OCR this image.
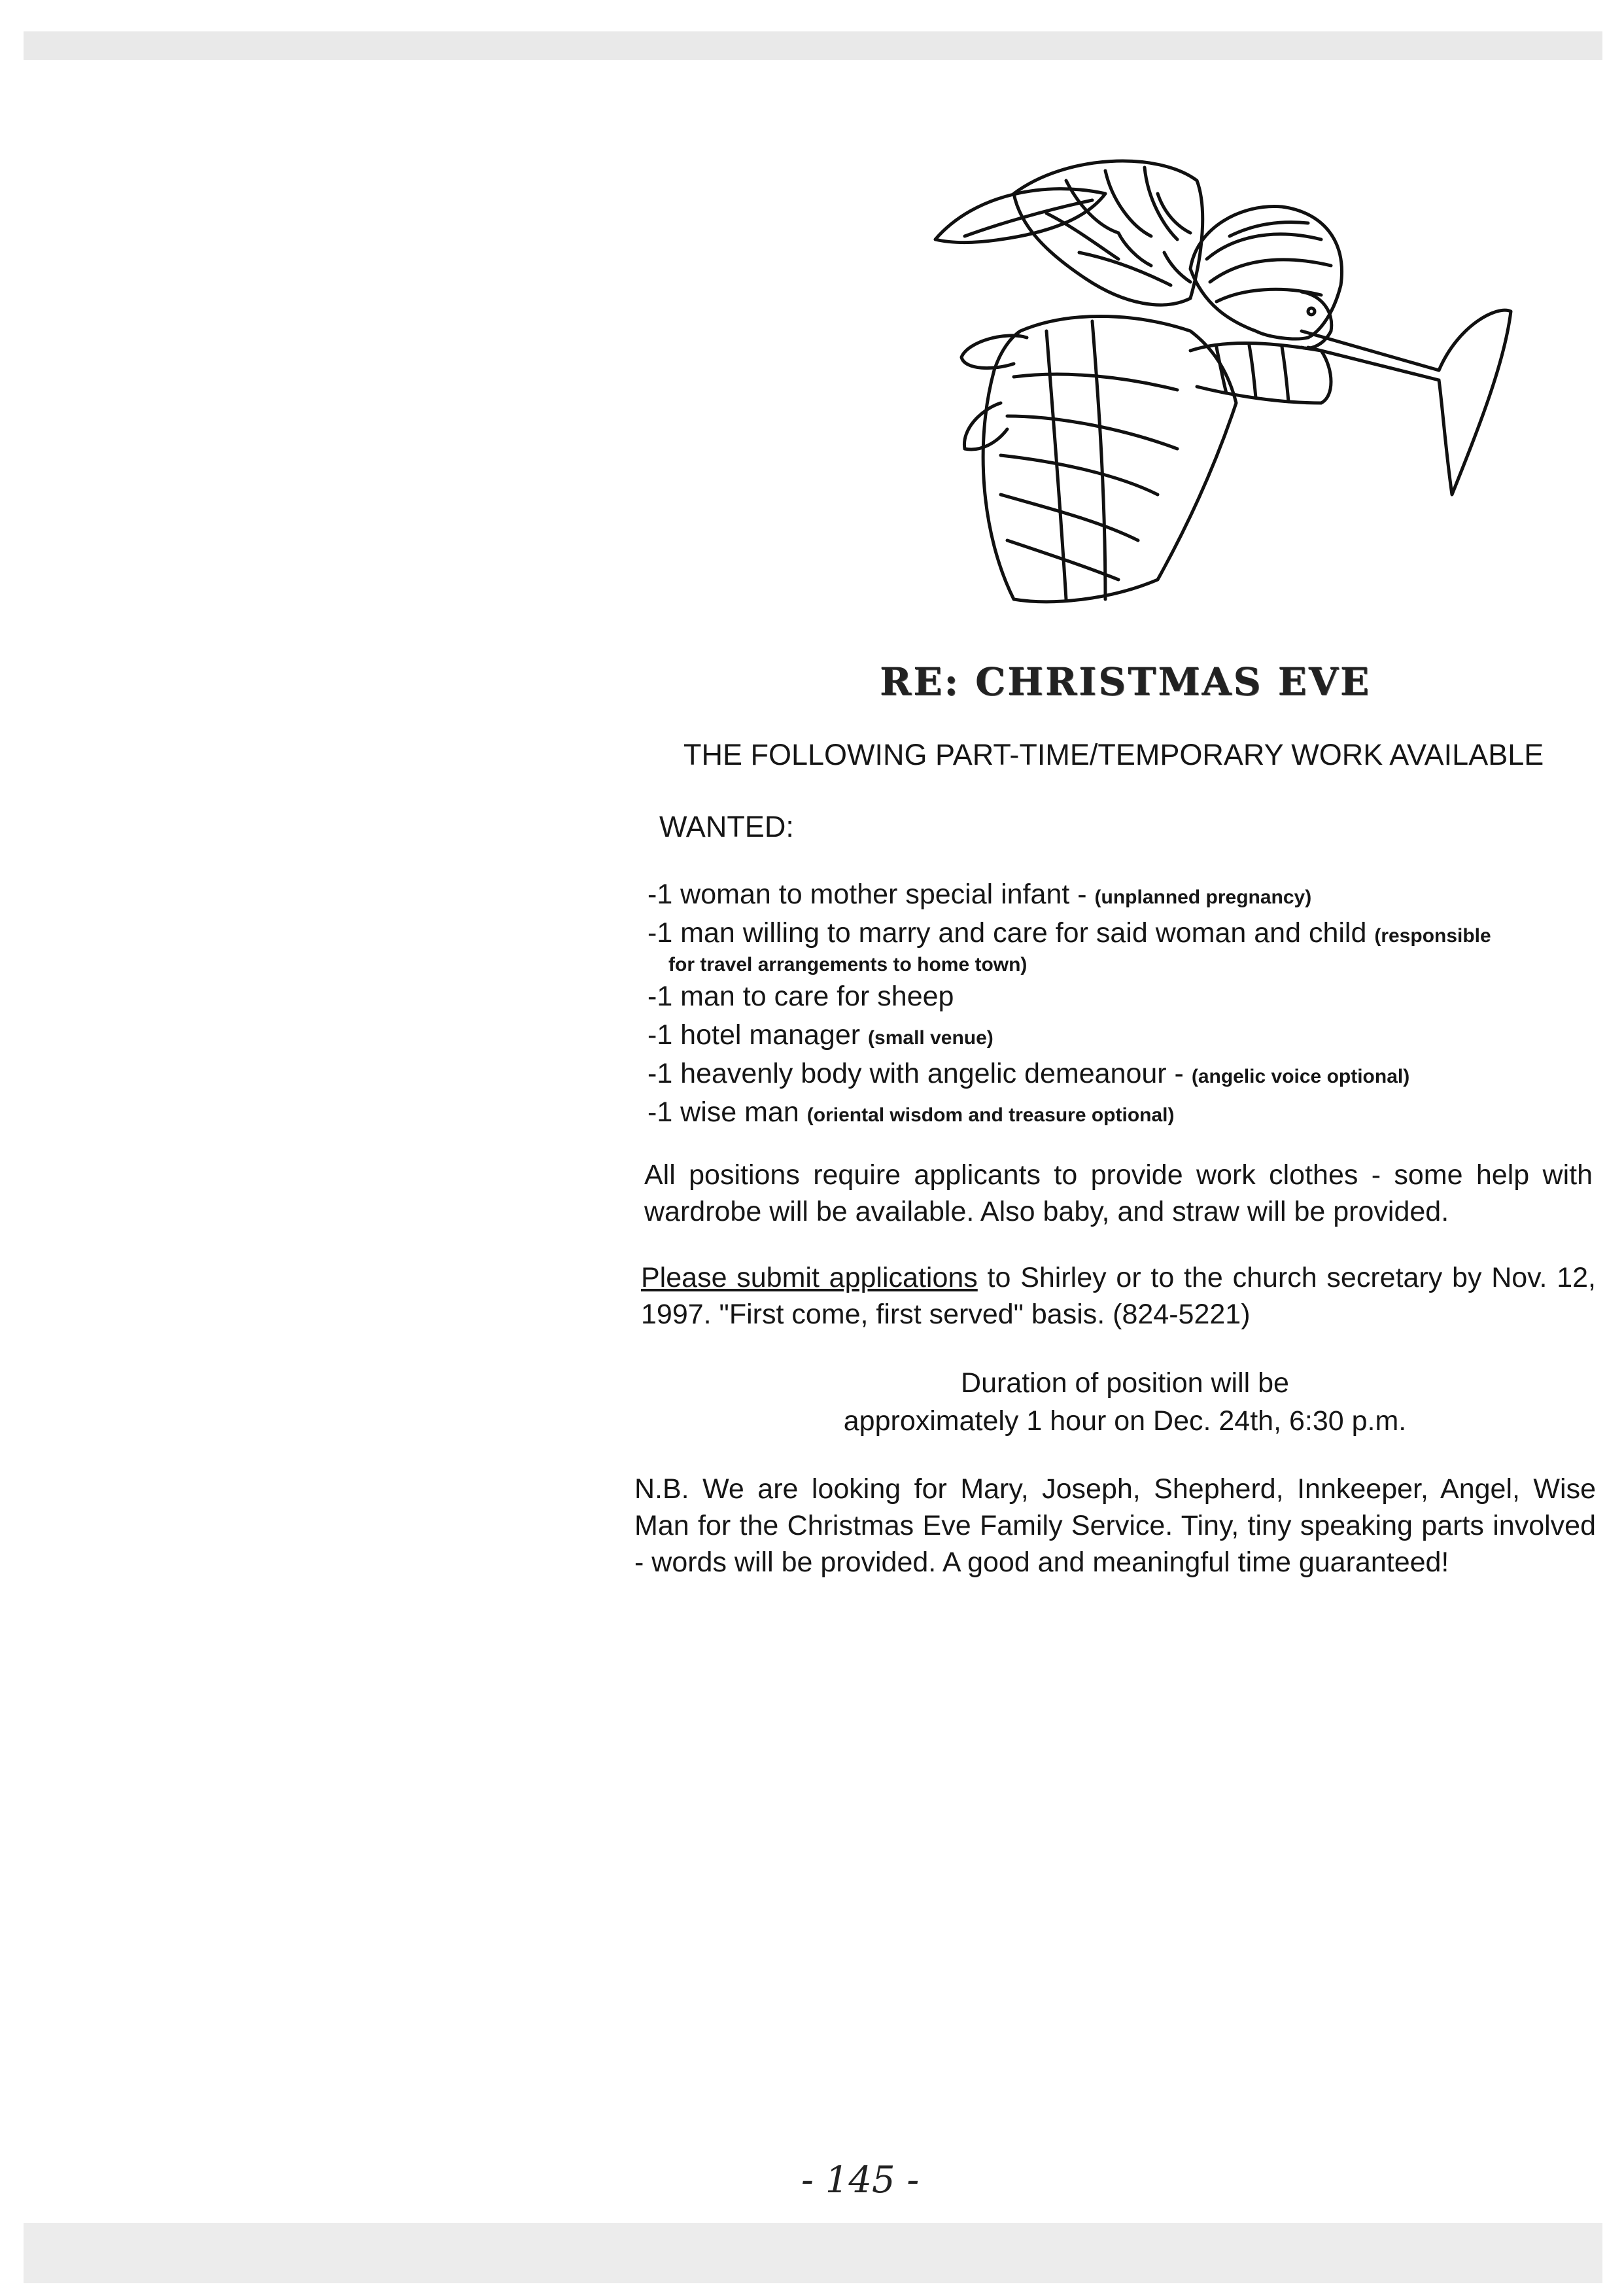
RE: CHRISTMAS EVE
THE FOLLOWING PART-TIME/TEMPORARY WORK AVAILABLE
WANTED:
-1 woman to mother special infant - (unplanned pregnancy)
-1 man willing to marry and care for said woman and child (responsible
for travel arrangements to home town)
-1 man to care for sheep
-1 hotel manager (small venue)
-1 heavenly body with angelic demeanour - (angelic voice optional)
-1 wise man (oriental wisdom and treasure optional)
All positions require applicants to provide work clothes - some help with wardrobe will be available. Also baby, and straw will be provided.
Please submit applications to Shirley or to the church secretary by Nov. 12, 1997. "First come, first served" basis. (824-5221)
Duration of position will be
approximately 1 hour on Dec. 24th, 6:30 p.m.
N.B. We are looking for Mary, Joseph, Shepherd, Innkeeper, Angel, Wise Man for the Christmas Eve Family Service. Tiny, tiny speaking parts involved - words will be provided. A good and meaningful time guaranteed!
- 145 -
